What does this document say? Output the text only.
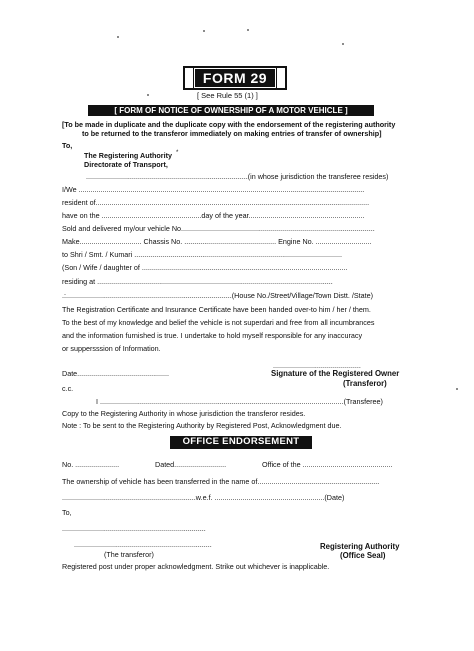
FORM 29
[ See Rule 55 (1) ]
[ FORM OF NOTICE OF OWNERSHIP OF A MOTOR VEHICLE ]
[To be made in duplicate and the duplicate copy with the endorsement of the registering authority
to be returned to the transferor immediately on making entries of transfer of ownership]
To,
The Registering Authority *
Directorate of Transport,
.................................................................................(in whose jurisdiction the transferee resides)
I/We ...............................................................................................................................................
resident of.........................................................................................................................................
have on the ..................................................day of the year..........................................................
Sold and delivered my/our vehicle No.................................................................................................
Make............................... Chassis No. .............................................. Engine No. ............................
to Shri / Smt. / Kumari ........................................................................................................
(Son / Wife / daughter of .......................................................................................................
residing at ......................................................................................................................
.:...................................................................................(House No./Street/Village/Town Distt. /State)
The Registration Certificate and Insurance Certificate have been handed over-to him / her / them.
To the best of my knowledge and belief the vehicle is not superdari and free from all incumbrances
and the information furnished is true. I undertake to hold myself responsible for any inaccuracy
or suppersssion of Information.
............................................
Date..............................................	Signature of the Registered Owner
(Transferor)
c.c.
I ..........................................................................................................................(Transferee)
Copy to the Registering Authority in whose jurisdiction the transferor resides.
Note : To be sent to the Registering Authority by Registered Post, Acknowledgment due.
OFFICE ENDORSEMENT
No. ......................	Dated..........................	Office of the .............................................
The ownership of vehicle has been transferred in the name of.............................................................
...................................................................w.e.f. .......................................................(Date)
To,
........................................................................
.....................................................................	Registering Authority
(The transferor)	(Office Seal)
Registered post under proper acknowledgment. Strike out whichever is inapplicable.
